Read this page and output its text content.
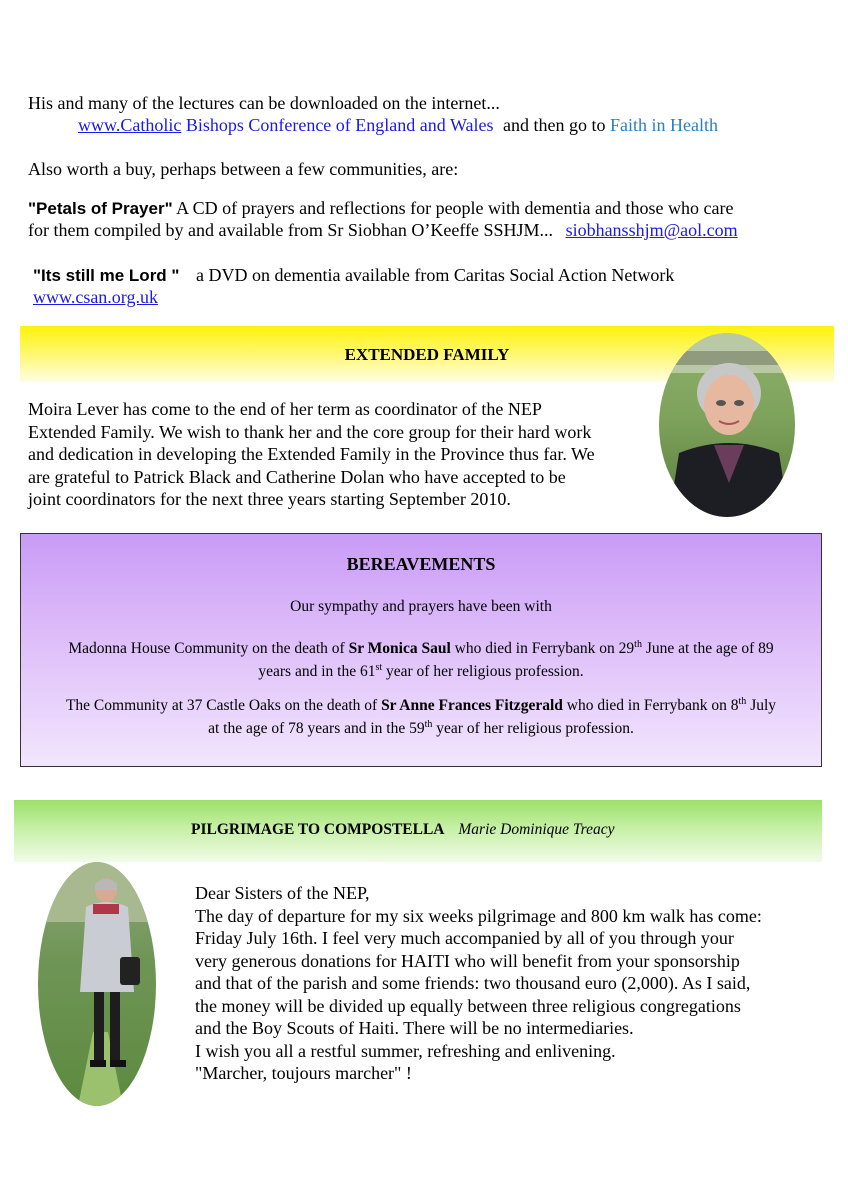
His and many of the lectures can be downloaded on the internet...
www.Catholic Bishops Conference of England and Wales and then go to Faith in Health
Also worth a buy, perhaps between a few communities, are:
"Petals of Prayer" A CD of prayers and reflections for people with dementia and those who care
for them compiled by and available from Sr Siobhan O’Keeffe SSHJM... siobhansshjm@aol.com
"Its still me Lord " a DVD on dementia available from Caritas Social Action Network
www.csan.org.uk
EXTENDED FAMILY
Moira Lever has come to the end of her term as coordinator of the NEP
Extended Family. We wish to thank her and the core group for their hard work
and dedication in developing the Extended Family in the Province thus far. We
are grateful to Patrick Black and Catherine Dolan who have accepted to be
joint coordinators for the next three years starting September 2010.
BEREAVEMENTS
Our sympathy and prayers have been with
Madonna House Community on the death of Sr Monica Saul who died in Ferrybank on 29th June at the age of 89
years and in the 61st year of her religious profession.
The Community at 37 Castle Oaks on the death of Sr Anne Frances Fitzgerald who died in Ferrybank on 8th July
at the age of 78 years and in the 59th year of her religious profession.
PILGRIMAGE TO COMPOSTELLA Marie Dominique Treacy
Dear Sisters of the NEP,
The day of departure for my six weeks pilgrimage and 800 km walk has come:
Friday July 16th. I feel very much accompanied by all of you through your
very generous donations for HAITI who will benefit from your sponsorship
and that of the parish and some friends: two thousand euro (2,000). As I said,
the money will be divided up equally between three religious congregations
and the Boy Scouts of Haiti. There will be no intermediaries.
I wish you all a restful summer, refreshing and enlivening.
"Marcher, toujours marcher" !
